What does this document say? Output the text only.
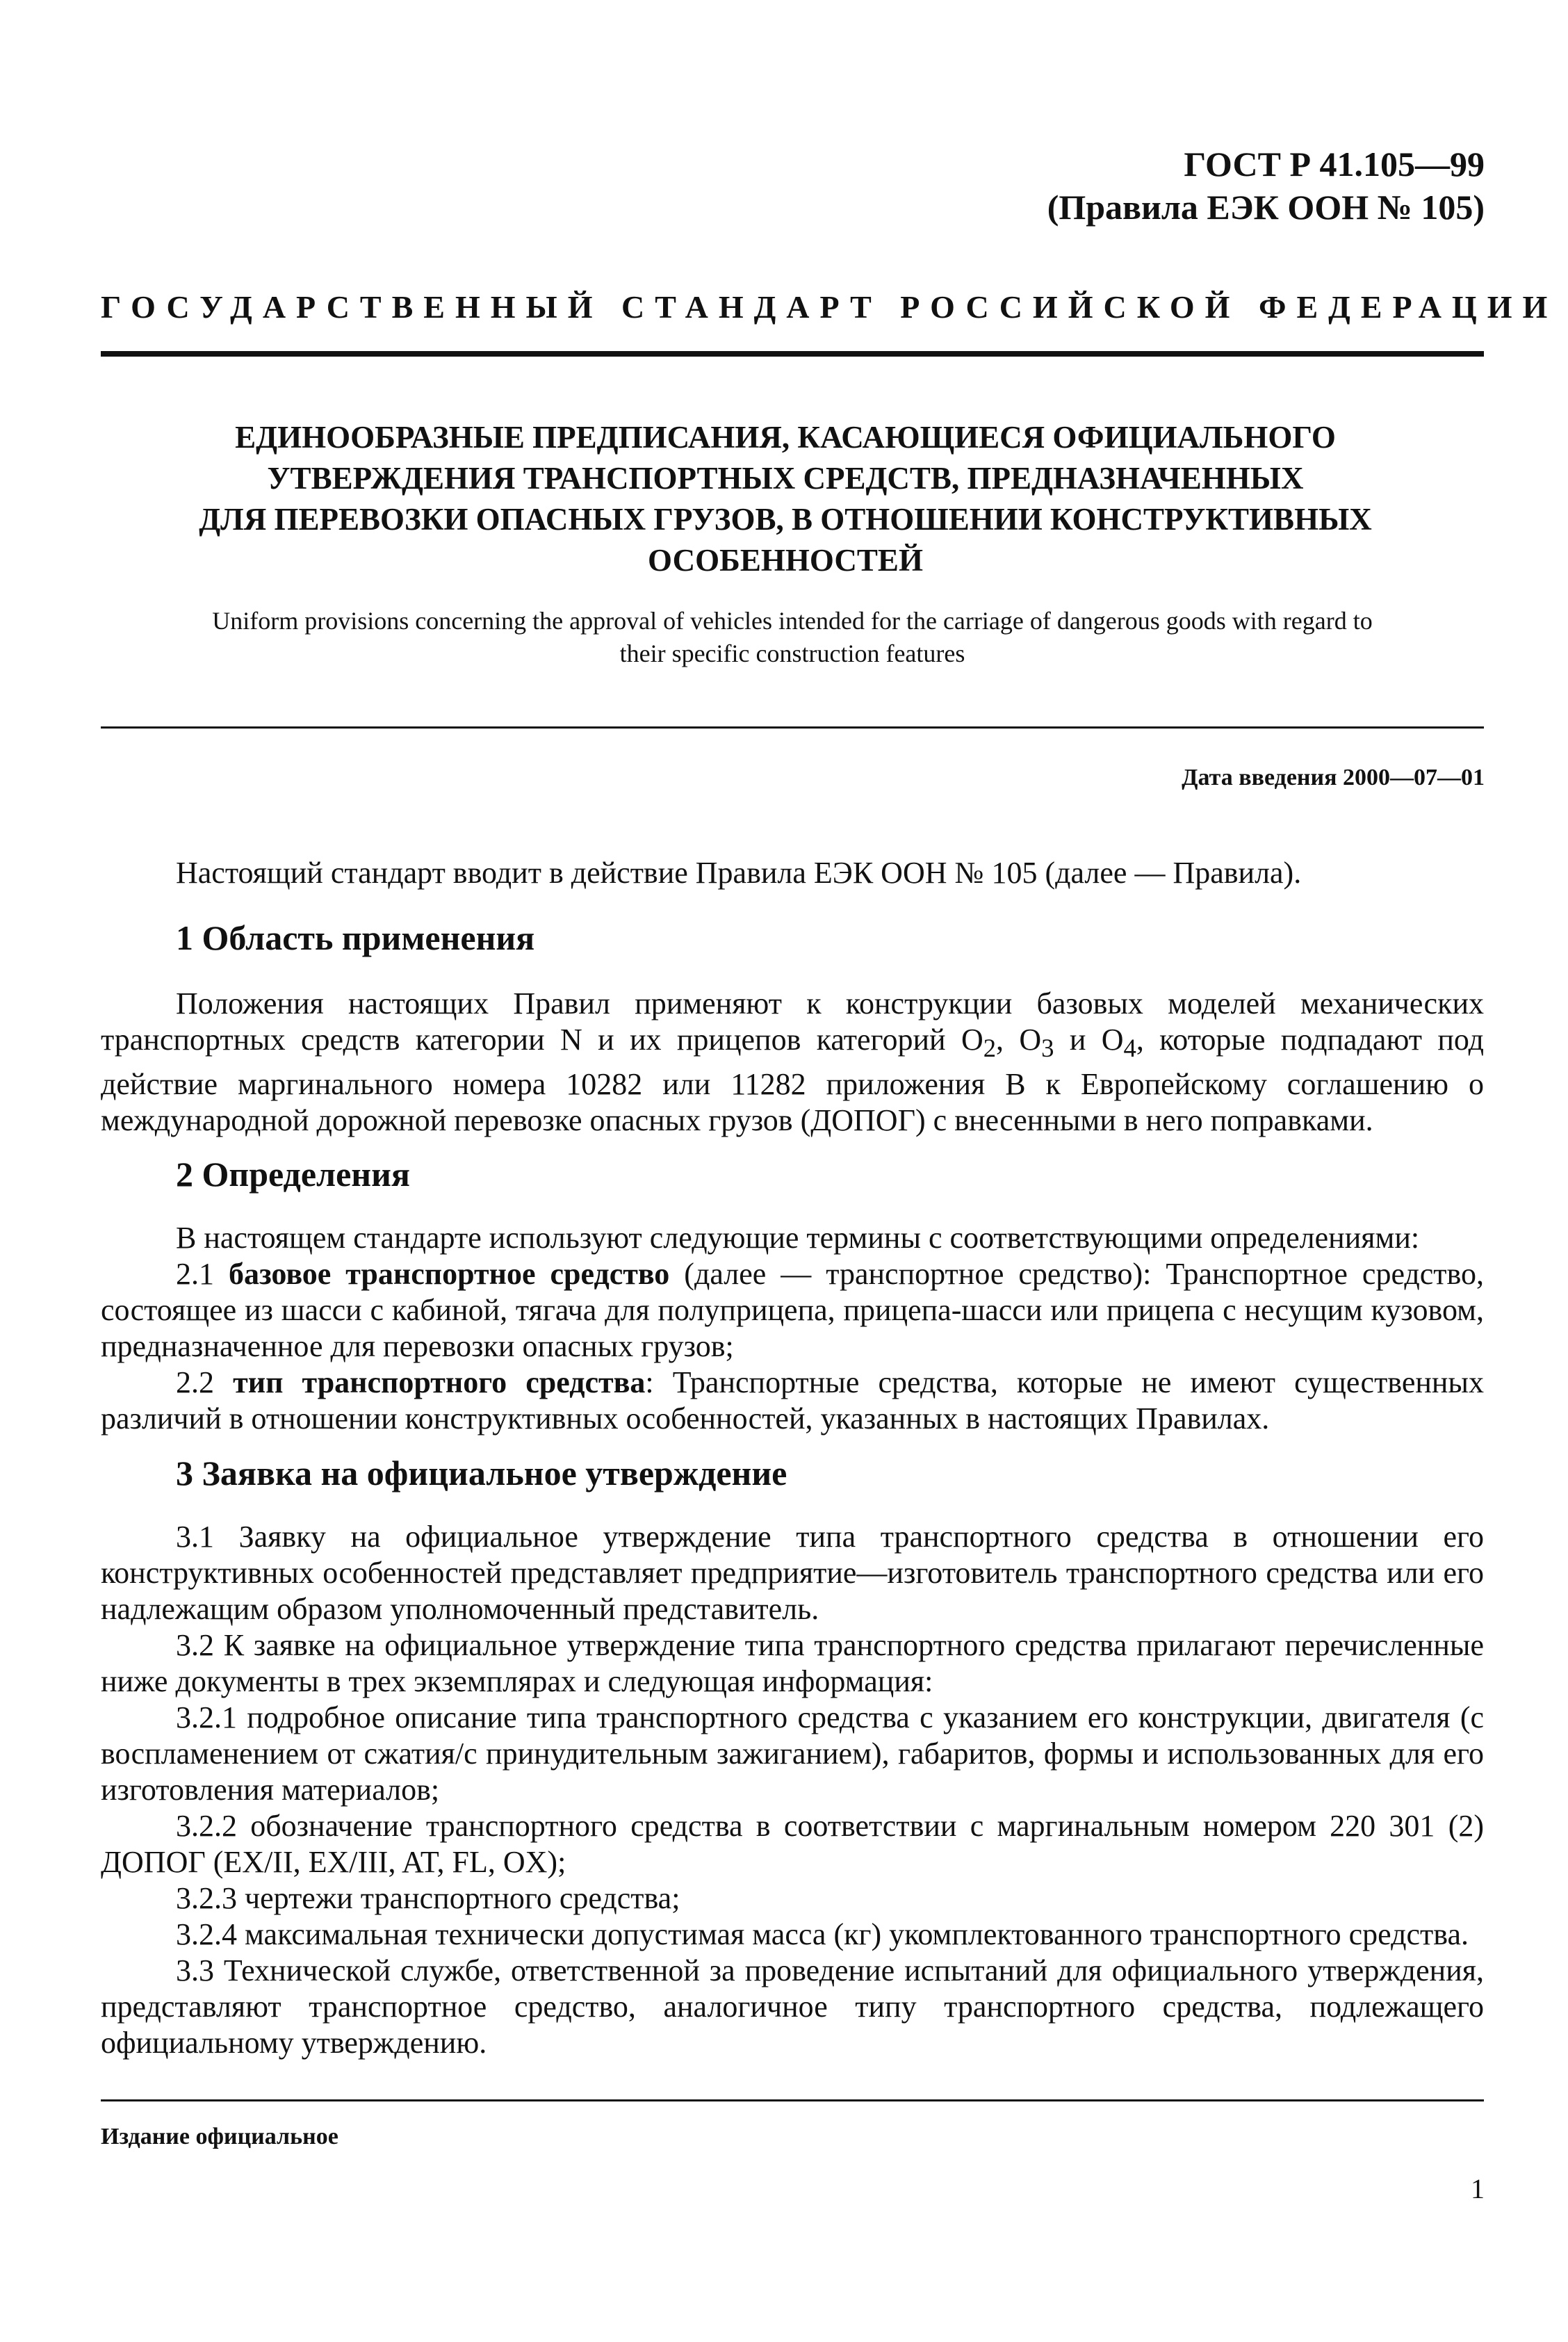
ГОСТ Р 41.105—99
(Правила ЕЭК ООН № 105)
ГОСУДАРСТВЕННЫЙ СТАНДАРТ РОССИЙСКОЙ ФЕДЕРАЦИИ
ЕДИНООБРАЗНЫЕ ПРЕДПИСАНИЯ, КАСАЮЩИЕСЯ ОФИЦИАЛЬНОГО
УТВЕРЖДЕНИЯ ТРАНСПОРТНЫХ СРЕДСТВ, ПРЕДНАЗНАЧЕННЫХ
ДЛЯ ПЕРЕВОЗКИ ОПАСНЫХ ГРУЗОВ, В ОТНОШЕНИИ КОНСТРУКТИВНЫХ
ОСОБЕННОСТЕЙ
Uniform provisions concerning the approval of vehicles intended for the carriage of dangerous goods with regard to
their specific construction features
Дата введения 2000—07—01

Настоящий стандарт вводит в действие Правила ЕЭК ООН № 105 (далее — Правила).

1 Область применения

Положения настоящих Правил применяют к конструкции базовых моделей механических транспортных средств категории N и их прицепов категорий $O_2$, $O_3$ и $O_4$, которые подпадают под действие маргинального номера 10282 или 11282 приложения B к Европейскому соглашению о международной дорожной перевозке опасных грузов (ДОПОГ) с внесенными в него поправками.

2 Определения

В настоящем стандарте используют следующие термины с соответствующими определениями:

2.1 базовое транспортное средство (далее — транспортное средство): Транспортное средство, состоящее из шасси с кабиной, тягача для полуприцепа, прицепа-шасси или прицепа с несущим кузовом, предназначенное для перевозки опасных грузов;

2.2 тип транспортного средства: Транспортные средства, которые не имеют существенных различий в отношении конструктивных особенностей, указанных в настоящих Правилах.

3 Заявка на официальное утверждение

3.1 Заявку на официальное утверждение типа транспортного средства в отношении его конструктивных особенностей представляет предприятие—изготовитель транспортного средства или его надлежащим образом уполномоченный представитель.

3.2 К заявке на официальное утверждение типа транспортного средства прилагают перечисленные ниже документы в трех экземплярах и следующая информация:

3.2.1 подробное описание типа транспортного средства с указанием его конструкции, двигателя (с воспламенением от сжатия/с принудительным зажиганием), габаритов, формы и использованных для его изготовления материалов;

3.2.2 обозначение транспортного средства в соответствии с маргинальным номером 220 301 (2) ДОПОГ (EX/II, EX/III, AT, FL, OX);

3.2.3 чертежи транспортного средства;

3.2.4 максимальная технически допустимая масса (кг) укомплектованного транспортного средства.

3.3 Технической службе, ответственной за проведение испытаний для официального утверждения, представляют транспортное средство, аналогичное типу транспортного средства, подлежащего официальному утверждению.

Издание официальное
1
